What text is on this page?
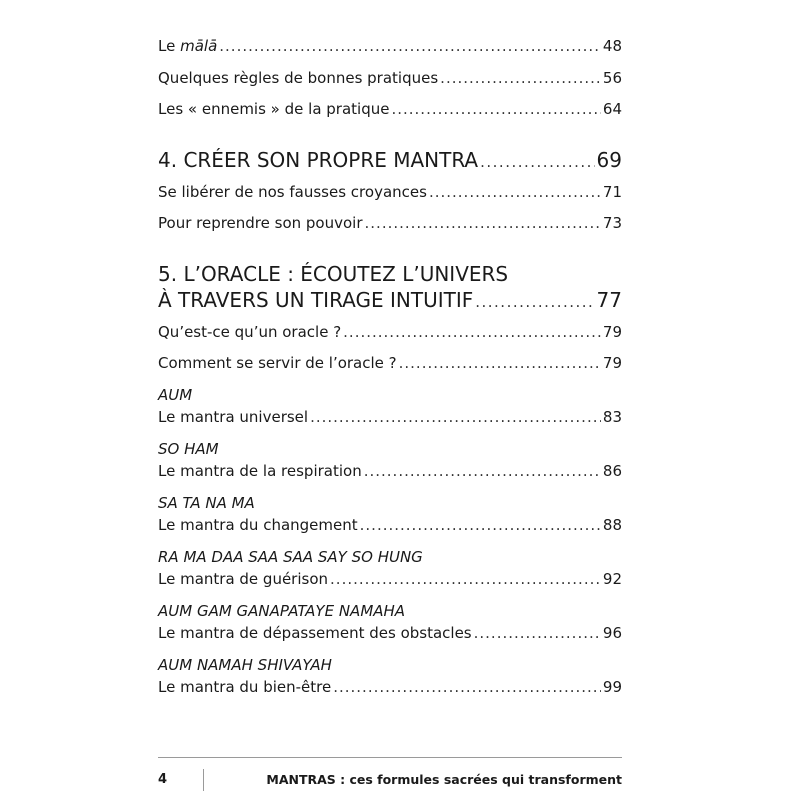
Le mālā .....	48
Quelques règles de bonnes pratiques .....	56
Les « ennemis » de la pratique .....	64
4. CRÉER SON PROPRE MANTRA .....	69
Se libérer de nos fausses croyances .....	71
Pour reprendre son pouvoir .....	73
5. L’ORACLE : ÉCOUTEZ L’UNIVERS
À TRAVERS UN TIRAGE INTUITIF .....	77
Qu’est-ce qu’un oracle ? .....	79
Comment se servir de l’oracle ? .....	79
AUM
Le mantra universel .....	83
SO HAM
Le mantra de la respiration .....	86
SA TA NA MA
Le mantra du changement .....	88
RA MA DAA SAA SAA SAY SO HUNG
Le mantra de guérison .....	92
AUM GAM GANAPATAYE NAMAHA
Le mantra de dépassement des obstacles .....	96
AUM NAMAH SHIVAYAH
Le mantra du bien-être .....	99
4	MANTRAS : ces formules sacrées qui transforment
